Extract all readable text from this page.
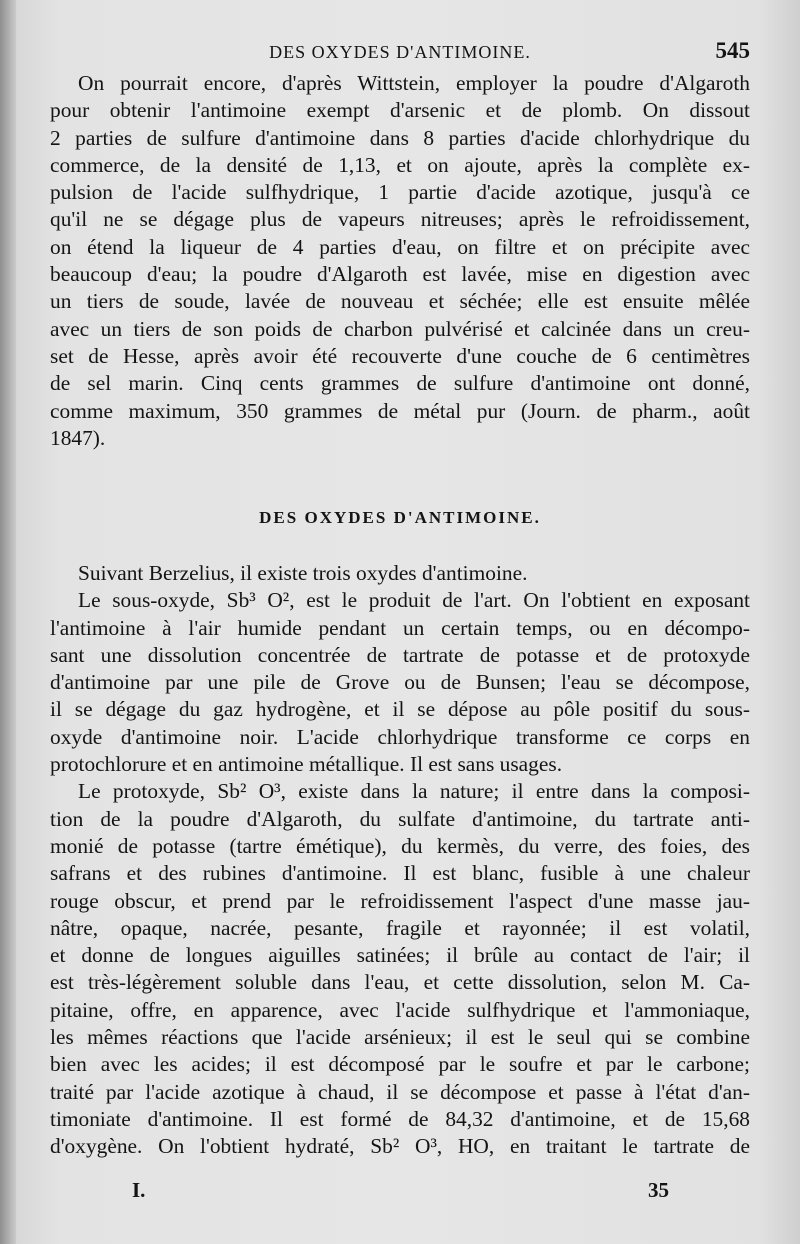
DES OXYDES D'ANTIMOINE.	545
On pourrait encore, d'après Wittstein, employer la poudre d'Algaroth
pour obtenir l'antimoine exempt d'arsenic et de plomb. On dissout
2 parties de sulfure d'antimoine dans 8 parties d'acide chlorhydrique du
commerce, de la densité de 1,13, et on ajoute, après la complète ex-
pulsion de l'acide sulfhydrique, 1 partie d'acide azotique, jusqu'à ce
qu'il ne se dégage plus de vapeurs nitreuses; après le refroidissement,
on étend la liqueur de 4 parties d'eau, on filtre et on précipite avec
beaucoup d'eau; la poudre d'Algaroth est lavée, mise en digestion avec
un tiers de soude, lavée de nouveau et séchée; elle est ensuite mêlée
avec un tiers de son poids de charbon pulvérisé et calcinée dans un creu-
set de Hesse, après avoir été recouverte d'une couche de 6 centimètres
de sel marin. Cinq cents grammes de sulfure d'antimoine ont donné,
comme maximum, 350 grammes de métal pur (Journ. de pharm., août
1847).
DES OXYDES D'ANTIMOINE.
Suivant Berzelius, il existe trois oxydes d'antimoine.
Le sous-oxyde, Sb³ O², est le produit de l'art. On l'obtient en exposant
l'antimoine à l'air humide pendant un certain temps, ou en décompo-
sant une dissolution concentrée de tartrate de potasse et de protoxyde
d'antimoine par une pile de Grove ou de Bunsen; l'eau se décompose,
il se dégage du gaz hydrogène, et il se dépose au pôle positif du sous-
oxyde d'antimoine noir. L'acide chlorhydrique transforme ce corps en
protochlorure et en antimoine métallique. Il est sans usages.
Le protoxyde, Sb² O³, existe dans la nature; il entre dans la composi-
tion de la poudre d'Algaroth, du sulfate d'antimoine, du tartrate anti-
monié de potasse (tartre émétique), du kermès, du verre, des foies, des
safrans et des rubines d'antimoine. Il est blanc, fusible à une chaleur
rouge obscur, et prend par le refroidissement l'aspect d'une masse jau-
nâtre, opaque, nacrée, pesante, fragile et rayonnée; il est volatil,
et donne de longues aiguilles satinées; il brûle au contact de l'air; il
est très-légèrement soluble dans l'eau, et cette dissolution, selon M. Ca-
pitaine, offre, en apparence, avec l'acide sulfhydrique et l'ammoniaque,
les mêmes réactions que l'acide arsénieux; il est le seul qui se combine
bien avec les acides; il est décomposé par le soufre et par le carbone;
traité par l'acide azotique à chaud, il se décompose et passe à l'état d'an-
timoniate d'antimoine. Il est formé de 84,32 d'antimoine, et de 15,68
d'oxygène. On l'obtient hydraté, Sb² O³, HO, en traitant le tartrate de
I.	35
